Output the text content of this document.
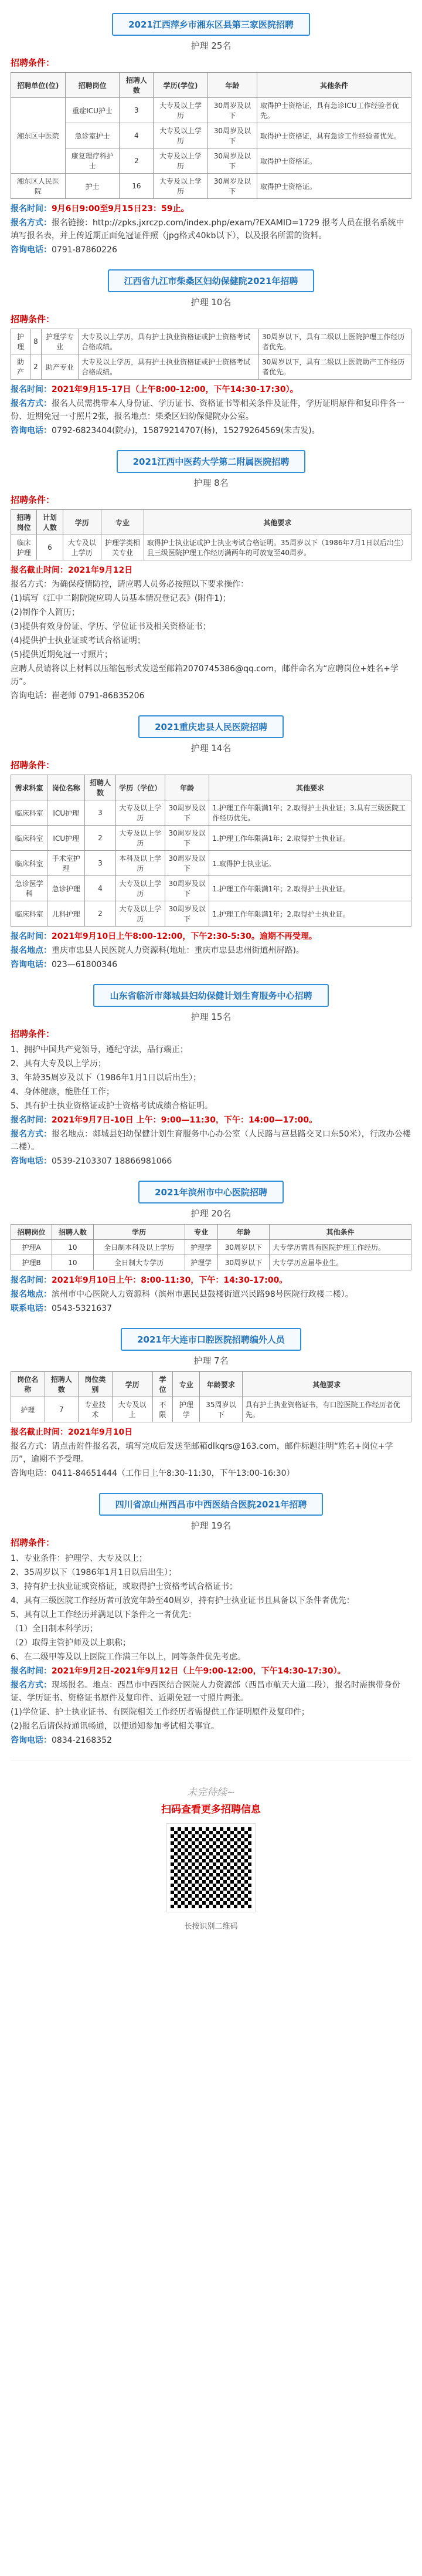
2021江西萍乡市湘东区县第三家医院招聘
护理 25名
招聘条件：
招聘单位(位)	招聘岗位	招聘人数	学历(学位)	年龄	其他条件
湘东区中医院	重症ICU护士	3	大专及以上学历	30周岁及以下	取得护士资格证，具有急诊ICU工作经验者优先。
	急诊室护士	4	大专及以上学历	30周岁及以下	取得护士资格证，具有急诊工作经验者优先。
	康复理疗科护士	2	大专及以上学历	30周岁及以下	取得护士资格证。
湘东区人民医院	护士	16	大专及以上学历	30周岁及以下	取得护士资格证。

报名时间：9月6日9:00至9月15日23：59止。

报名方式：报名链接：http://zpks.jxrczp.com/index.php/exam/?EXAMID=1729 报考人员在报名系统中填写报名表，并上传近期正面免冠证件照（jpg格式40kb以下），以及报名所需的资料。

咨询电话：0791-87860226

江西省九江市柴桑区妇幼保健院2021年招聘
护理 10名
招聘条件：
护理	8	护理学专业	大专及以上学历，具有护士执业资格证或护士资格考试合格成绩。	30周岁以下，具有二级以上医院护理工作经历者优先。
助产	2	助产专业	大专及以上学历，具有护士执业资格证或护士资格考试合格成绩。	30周岁以下，具有二级以上医院助产工作经历者优先。

报名时间：2021年9月15-17日（上午8:00-12:00，下午14:30-17:30）。

报名方式：报名人员需携带本人身份证、学历证书、资格证书等相关条件及证件，学历证明原件和复印件各一份、近期免冠一寸照片2张，报名地点：柴桑区妇幼保健院办公室。

咨询电话：0792-6823404(院办)，15879214707(杨)，15279264569(朱吉发)。

2021江西中医药大学第二附属医院招聘
护理 8名
招聘条件：
招聘岗位	计划人数	学历	专业	其他要求
临床护理	6	大专及以上学历	护理学类相关专业	取得护士执业证或护士执业考试合格证明。35周岁以下（1986年7月1日以后出生）且三级医院护理工作经历满两年的可放宽至40周岁。

报名截止时间：2021年9月12日

报名方式：为确保疫情防控，请应聘人员务必按照以下要求操作：

(1)填写《江中二附院院应聘人员基本情况登记表》(附件1)；

(2)制作个人简历；

(3)提供有效身份证、学历、学位证书及相关资格证书；

(4)提供护士执业证或考试合格证明；

(5)提供近期免冠一寸照片；

应聘人员请将以上材料以压缩包形式发送至邮箱2070745386@qq.com，邮件命名为“应聘岗位+姓名+学历”。

咨询电话：崔老师 0791-86835206

2021重庆忠县人民医院招聘
护理 14名
招聘条件：
需求科室	岗位名称	招聘人数	学历（学位）	年龄	其他要求
临床科室	ICU护理	3	大专及以上学历	30周岁及以下	1.护理工作年限满1年；2.取得护士执业证；3.具有三级医院工作经历优先。
临床科室	ICU护理	2	大专及以上学历	30周岁及以下	1.护理工作年限满1年；2.取得护士执业证。
临床科室	手术室护理	3	本科及以上学历	30周岁及以下	1.取得护士执业证。
急诊医学科	急诊护理	4	大专及以上学历	30周岁及以下	1.护理工作年限满1年；2.取得护士执业证。
临床科室	儿科护理	2	大专及以上学历	30周岁及以下	1.护理工作年限满1年；2.取得护士执业证。

报名时间：2021年9月10日上午8:00-12:00，下午2:30-5:30。逾期不再受理。

报名地点：重庆市忠县人民医院人力资源科(地址：重庆市忠县忠州街道州屏路)。

咨询电话：023—61800346

山东省临沂市郯城县妇幼保健计划生育服务中心招聘
护理 15名
招聘条件：

1、拥护中国共产党领导，遵纪守法，品行端正；

2、具有大专及以上学历；

3、年龄35周岁及以下（1986年1月1日以后出生）；

4、身体健康，能胜任工作；

5、具有护士执业资格证或护士资格考试成绩合格证明。

报名时间：2021年9月7日-10日 上午：9:00—11:30，下午：14:00—17:00。

报名方式：报名地点：郯城县妇幼保健计划生育服务中心办公室（人民路与莒县路交叉口东50米），行政办公楼二楼）。

咨询电话：0539-2103307 18866981066

2021年滨州市中心医院招聘
护理 20名
招聘岗位	招聘人数	学历	专业	年龄	其他条件
护理A	10	全日制本科及以上学历	护理学	30周岁以下	大专学历需具有医院护理工作经历。
护理B	10	全日制大专学历	护理学	30周岁以下	大专学历应届毕业生。

报名时间：2021年9月10日上午：8:00-11:30，下午：14:30-17:00。

报名地点：滨州市中心医院人力资源科（滨州市惠民县鼓楼街道兴民路98号医院行政楼二楼）。

联系电话：0543-5321637

2021年大连市口腔医院招聘编外人员
护理 7名
岗位名称	招聘人数	岗位类别	学历	学位	专业	年龄要求	其他要求
护理	7	专业技术	大专及以上	不限	护理学	35周岁以下	具有护士执业资格证书，有口腔医院工作经历者优先。

报名截止时间：2021年9月10日

报名方式：请点击附件报名表，填写完成后发送至邮箱dlkqrs@163.com，邮件标题注明“姓名+岗位+学历”，逾期不予受理。

咨询电话：0411-84651444（工作日上午8:30-11:30，下午13:00-16:30）

四川省凉山州西昌市中西医结合医院2021年招聘
护理 19名
招聘条件：

1、专业条件：护理学、大专及以上；

2、35周岁以下（1986年1月1日以后出生）；

3、持有护士执业证或资格证，或取得护士资格考试合格证书；

4、具有三级医院工作经历者可放宽年龄至40周岁，持有护士执业证书且具备以下条件者优先：

5、具有以上工作经历并满足以下条件之一者优先：

（1）全日制本科学历；

（2）取得主管护师及以上职称；

6、在二级甲等及以上医院工作满三年以上，同等条件优先考虑。

报名时间：2021年9月2日-2021年9月12日（上午9:00-12:00，下午14:30-17:30）。

报名方式：现场报名。地点：西昌市中西医结合医院人力资源部（西昌市航天大道二段），报名时需携带身份证、学历证书、资格证书原件及复印件、近期免冠一寸照片两张。

(1)学位证、护士执业证书、有医院相关工作经历者需提供工作证明原件及复印件；

(2)报名后请保持通讯畅通，以便通知参加考试相关事宜。

咨询电话：0834-2168352

未完待续~
扫码查看更多招聘信息
长按识别二维码
